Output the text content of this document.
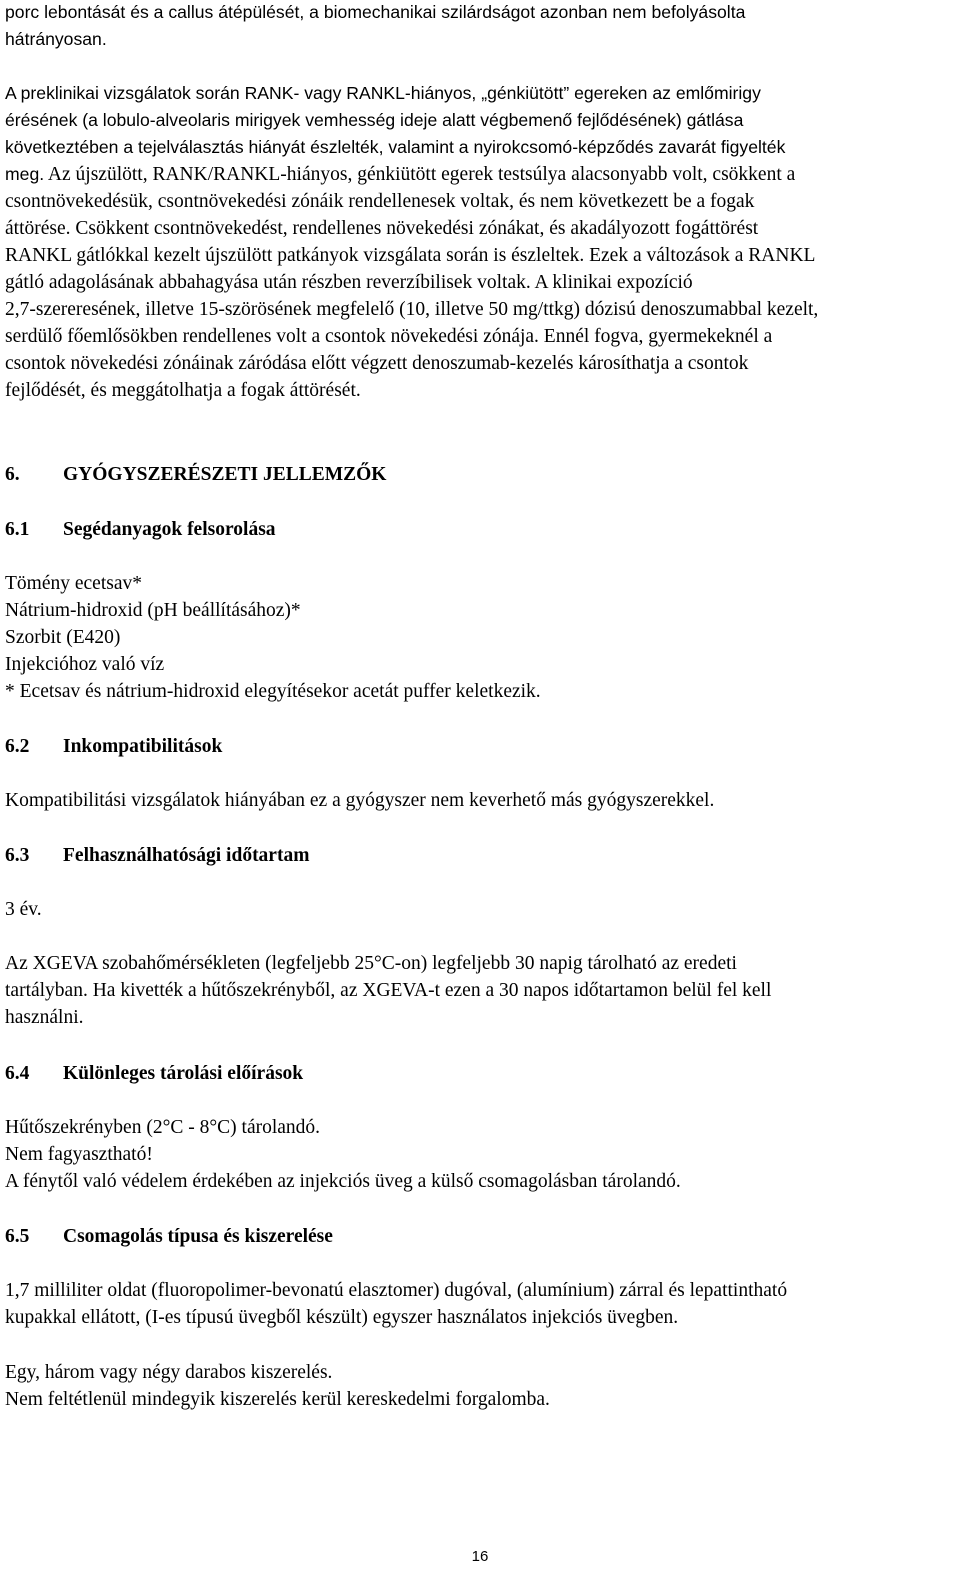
porc lebontását és a callus átépülését, a biomechanikai szilárdságot azonban nem befolyásolta
hátrányosan.
A preklinikai vizsgálatok során RANK- vagy RANKL-hiányos, „génkiütött” egereken az emlőmirigy
érésének (a lobulo-alveolaris mirigyek vemhesség ideje alatt végbemenő fejlődésének) gátlása
következtében a tejelválasztás hiányát észlelték, valamint a nyirokcsomó-képződés zavarát figyelték
meg. Az újszülött, RANK/RANKL-hiányos, génkiütött egerek testsúlya alacsonyabb volt, csökkent a
csontnövekedésük, csontnövekedési zónáik rendellenesek voltak, és nem következett be a fogak
áttörése. Csökkent csontnövekedést, rendellenes növekedési zónákat, és akadályozott fogáttörést
RANKL gátlókkal kezelt újszülött patkányok vizsgálata során is észleltek. Ezek a változások a RANKL
gátló adagolásának abbahagyása után részben reverzíbilisek voltak. A klinikai expozíció
2,7-szereresének, illetve 15-szörösének megfelelő (10, illetve 50 mg/ttkg) dózisú denoszumabbal kezelt,
serdülő főemlősökben rendellenes volt a csontok növekedési zónája. Ennél fogva, gyermekeknél a
csontok növekedési zónáinak záródása előtt végzett denoszumab-kezelés károsíthatja a csontok
fejlődését, és meggátolhatja a fogak áttörését.
6. GYÓGYSZERÉSZETI JELLEMZŐK
6.1 Segédanyagok felsorolása
Tömény ecetsav*
Nátrium-hidroxid (pH beállításához)*
Szorbit (E420)
Injekcióhoz való víz
* Ecetsav és nátrium-hidroxid elegyítésekor acetát puffer keletkezik.
6.2 Inkompatibilitások
Kompatibilitási vizsgálatok hiányában ez a gyógyszer nem keverhető más gyógyszerekkel.
6.3 Felhasználhatósági időtartam
3 év.
Az XGEVA szobahőmérsékleten (legfeljebb 25°C-on) legfeljebb 30 napig tárolható az eredeti
tartályban. Ha kivették a hűtőszekrényből, az XGEVA-t ezen a 30 napos időtartamon belül fel kell
használni.
6.4 Különleges tárolási előírások
Hűtőszekrényben (2°C - 8°C) tárolandó.
Nem fagyasztható!
A fénytől való védelem érdekében az injekciós üveg a külső csomagolásban tárolandó.
6.5 Csomagolás típusa és kiszerelése
1,7 milliliter oldat (fluoropolimer-bevonatú elasztomer) dugóval, (alumínium) zárral és lepattintható
kupakkal ellátott, (I-es típusú üvegből készült) egyszer használatos injekciós üvegben.
Egy, három vagy négy darabos kiszerelés.
Nem feltétlenül mindegyik kiszerelés kerül kereskedelmi forgalomba.
16
